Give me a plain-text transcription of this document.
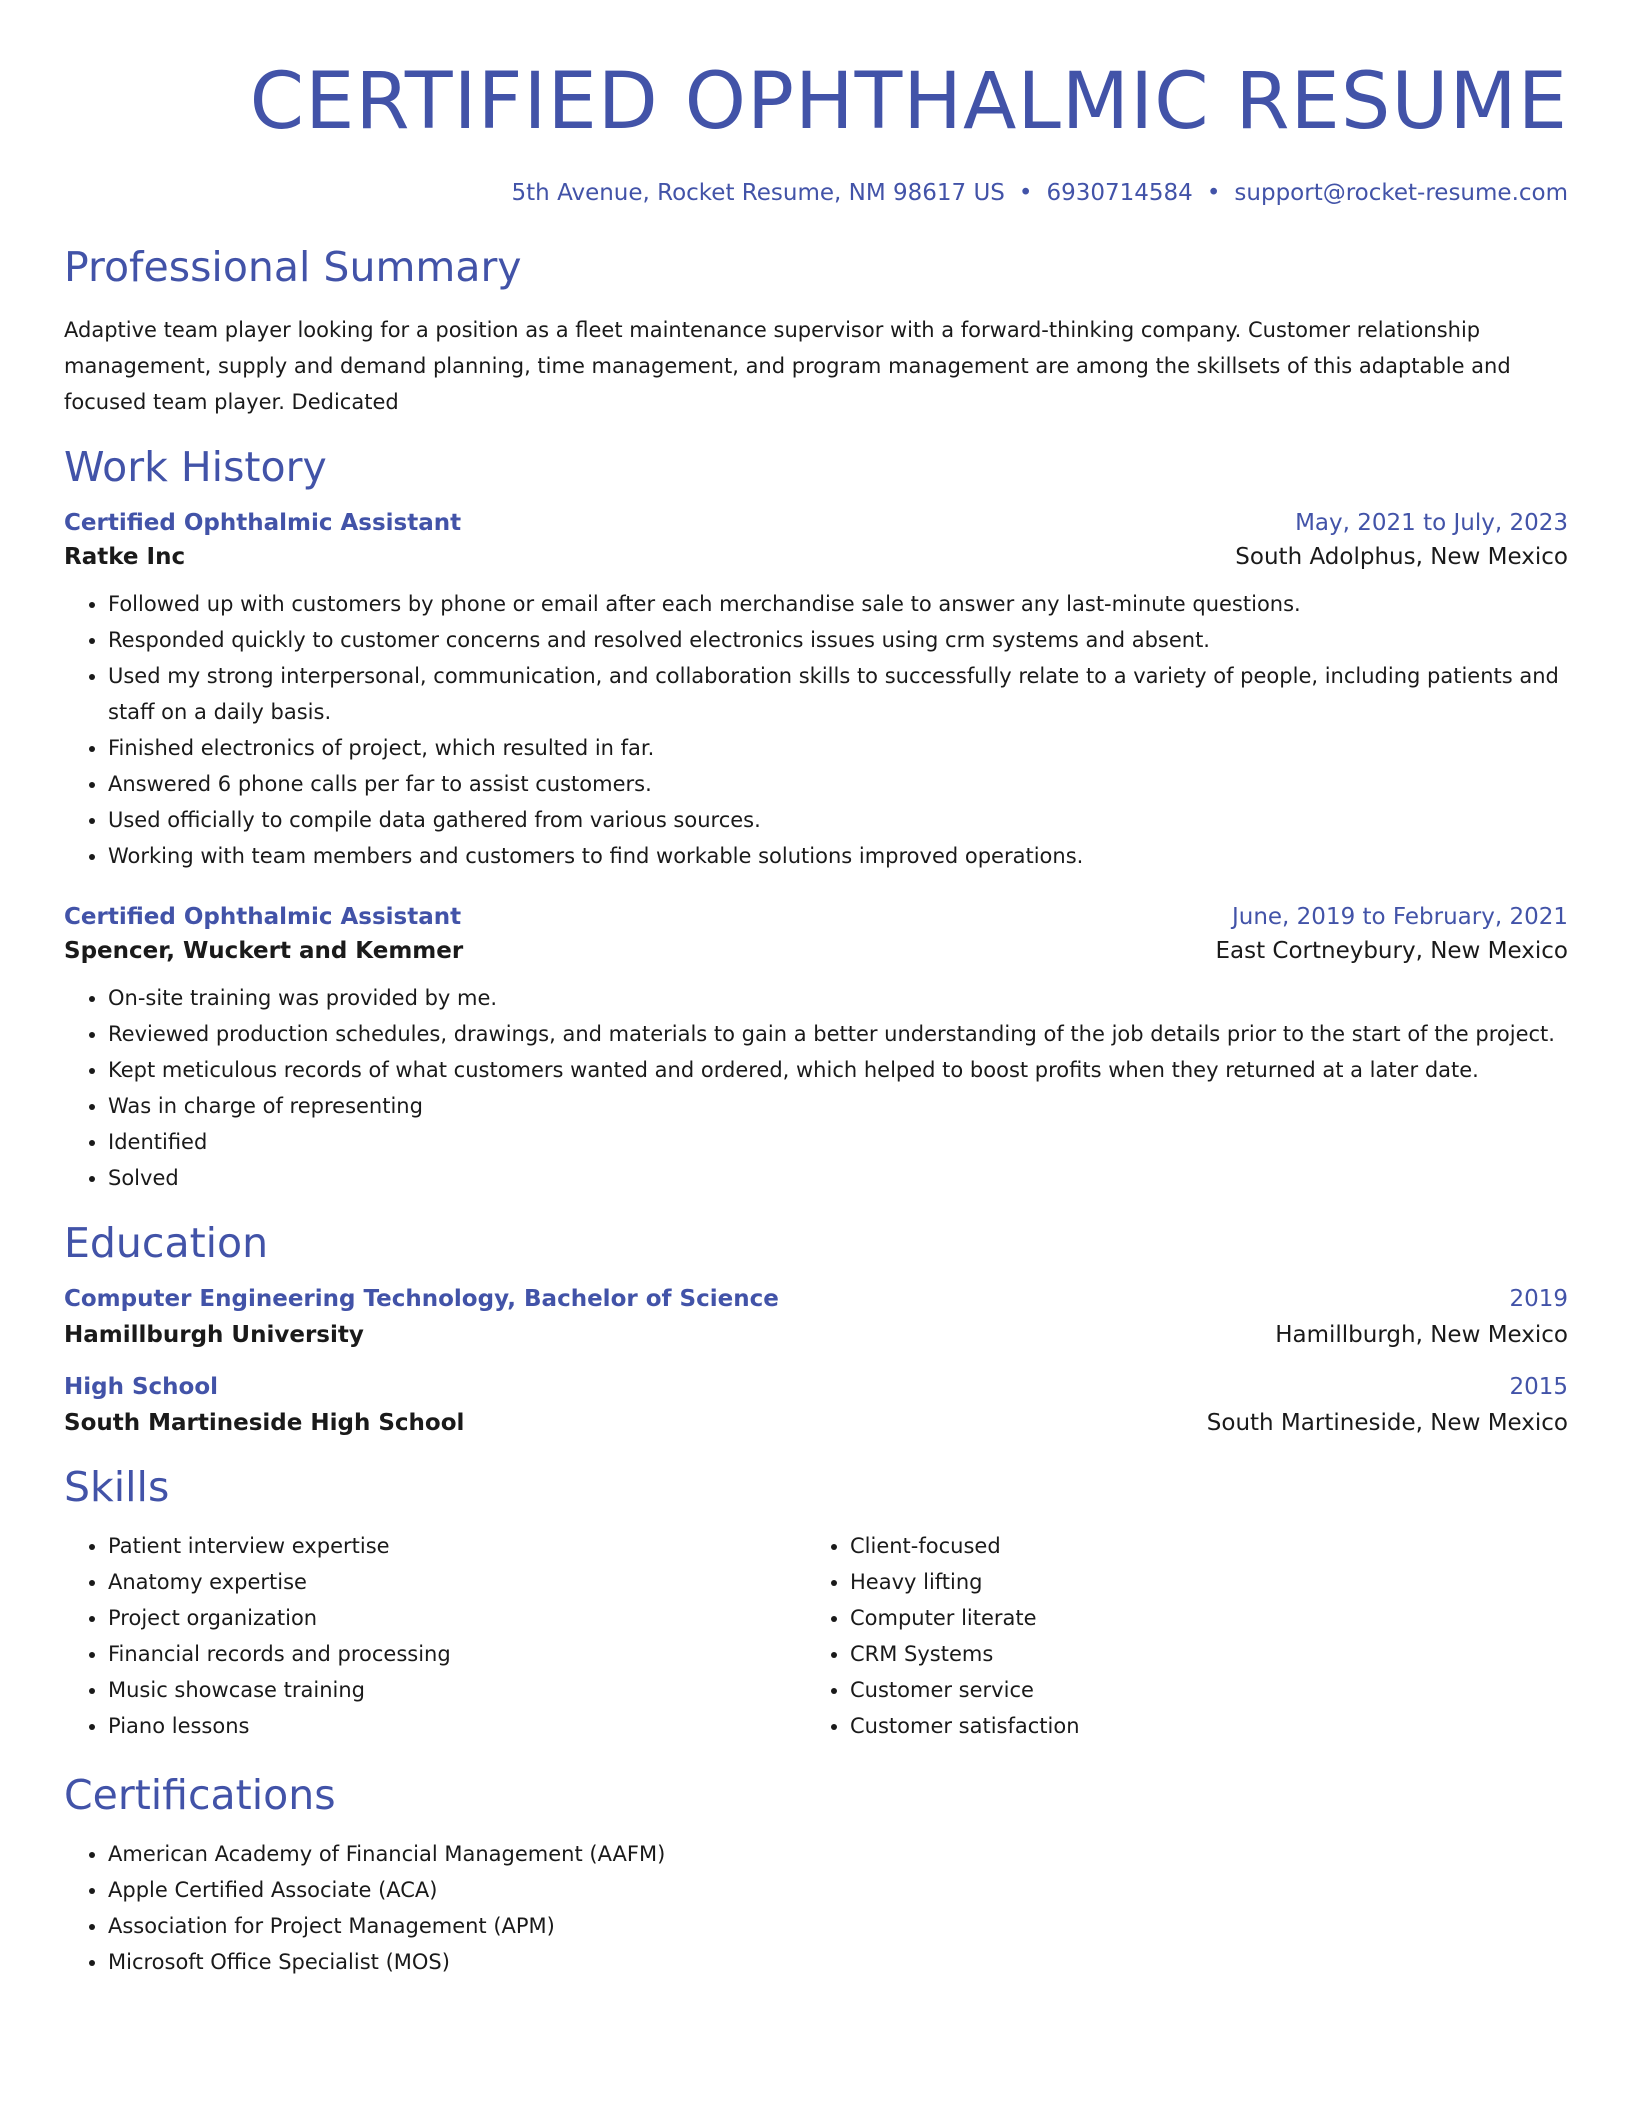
CERTIFIED OPHTHALMIC RESUME
5th Avenue, Rocket Resume, NM 98617 US • 6930714584 • support@rocket-resume.com
Professional Summary
Adaptive team player looking for a position as a fleet maintenance supervisor with a forward-thinking company. Customer relationship management, supply and demand planning, time management, and program management are among the skillsets of this adaptable and focused team player. Dedicated
Work History
Certified Ophthalmic Assistant	May, 2021 to July, 2023
Ratke Inc	South Adolphus, New Mexico
• Followed up with customers by phone or email after each merchandise sale to answer any last-minute questions.
• Responded quickly to customer concerns and resolved electronics issues using crm systems and absent.
• Used my strong interpersonal, communication, and collaboration skills to successfully relate to a variety of people, including patients and staff on a daily basis.
• Finished electronics of project, which resulted in far.
• Answered 6 phone calls per far to assist customers.
• Used officially to compile data gathered from various sources.
• Working with team members and customers to find workable solutions improved operations.
Certified Ophthalmic Assistant	June, 2019 to February, 2021
Spencer, Wuckert and Kemmer	East Cortneybury, New Mexico
• On-site training was provided by me.
• Reviewed production schedules, drawings, and materials to gain a better understanding of the job details prior to the start of the project.
• Kept meticulous records of what customers wanted and ordered, which helped to boost profits when they returned at a later date.
• Was in charge of representing
• Identified
• Solved
Education
Computer Engineering Technology, Bachelor of Science	2019
Hamillburgh University	Hamillburgh, New Mexico
High School	2015
South Martineside High School	South Martineside, New Mexico
Skills
• Patient interview expertise
• Anatomy expertise
• Project organization
• Financial records and processing
• Music showcase training
• Piano lessons
• Client-focused
• Heavy lifting
• Computer literate
• CRM Systems
• Customer service
• Customer satisfaction
Certifications
• American Academy of Financial Management (AAFM)
• Apple Certified Associate (ACA)
• Association for Project Management (APM)
• Microsoft Office Specialist (MOS)
